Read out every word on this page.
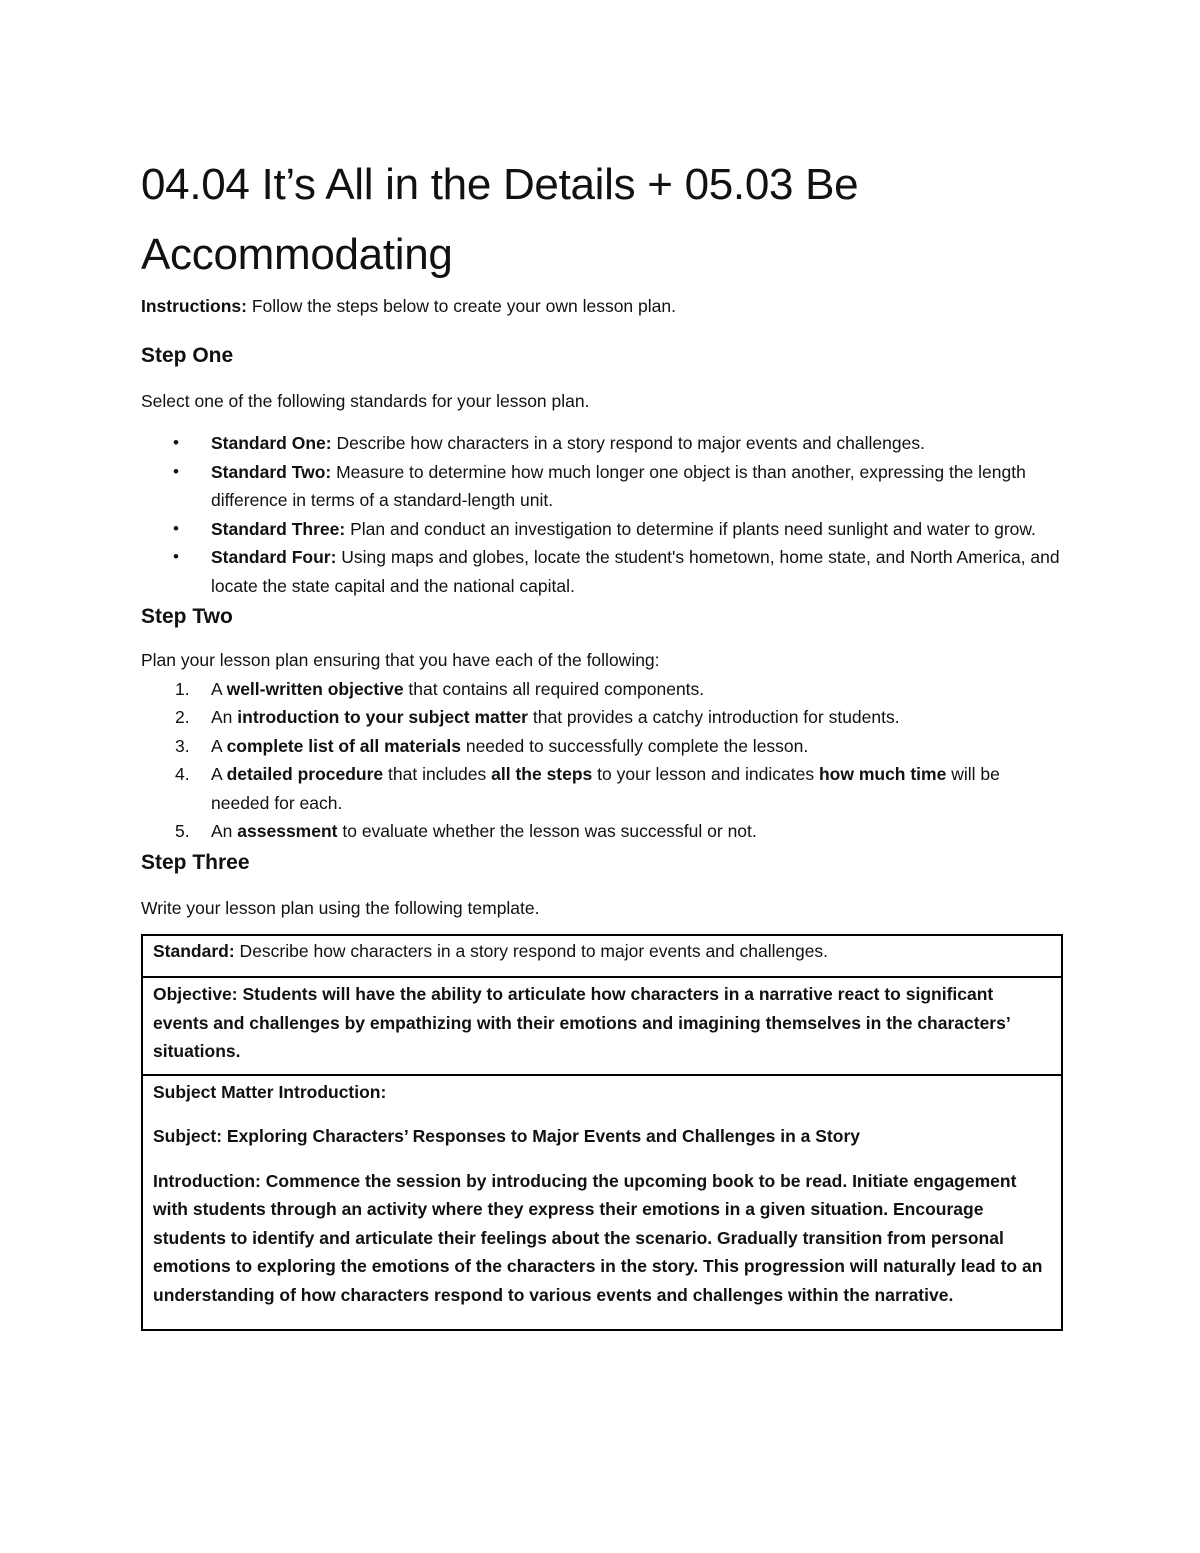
04.04 It’s All in the Details + 05.03 Be Accommodating

Instructions: Follow the steps below to create your own lesson plan.

Step One

Select one of the following standards for your lesson plan.

• Standard One: Describe how characters in a story respond to major events and challenges.
• Standard Two: Measure to determine how much longer one object is than another, expressing the length difference in terms of a standard-length unit.
• Standard Three: Plan and conduct an investigation to determine if plants need sunlight and water to grow.
• Standard Four: Using maps and globes, locate the student's hometown, home state, and North America, and locate the state capital and the national capital.
Step Two

Plan your lesson plan ensuring that you have each of the following:

1. A well-written objective that contains all required components.
2. An introduction to your subject matter that provides a catchy introduction for students.
3. A complete list of all materials needed to successfully complete the lesson.
4. A detailed procedure that includes all the steps to your lesson and indicates how much time will be needed for each.
5. An assessment to evaluate whether the lesson was successful or not.
Step Three

Write your lesson plan using the following template.

Standard: Describe how characters in a story respond to major events and challenges.

Objective: Students will have the ability to articulate how characters in a narrative react to significant events and challenges by empathizing with their emotions and imagining themselves in the characters’ situations.

Subject Matter Introduction:

Subject: Exploring Characters’ Responses to Major Events and Challenges in a Story

Introduction: Commence the session by introducing the upcoming book to be read. Initiate engagement with students through an activity where they express their emotions in a given situation. Encourage students to identify and articulate their feelings about the scenario. Gradually transition from personal emotions to exploring the emotions of the characters in the story. This progression will naturally lead to an understanding of how characters respond to various events and challenges within the narrative.
